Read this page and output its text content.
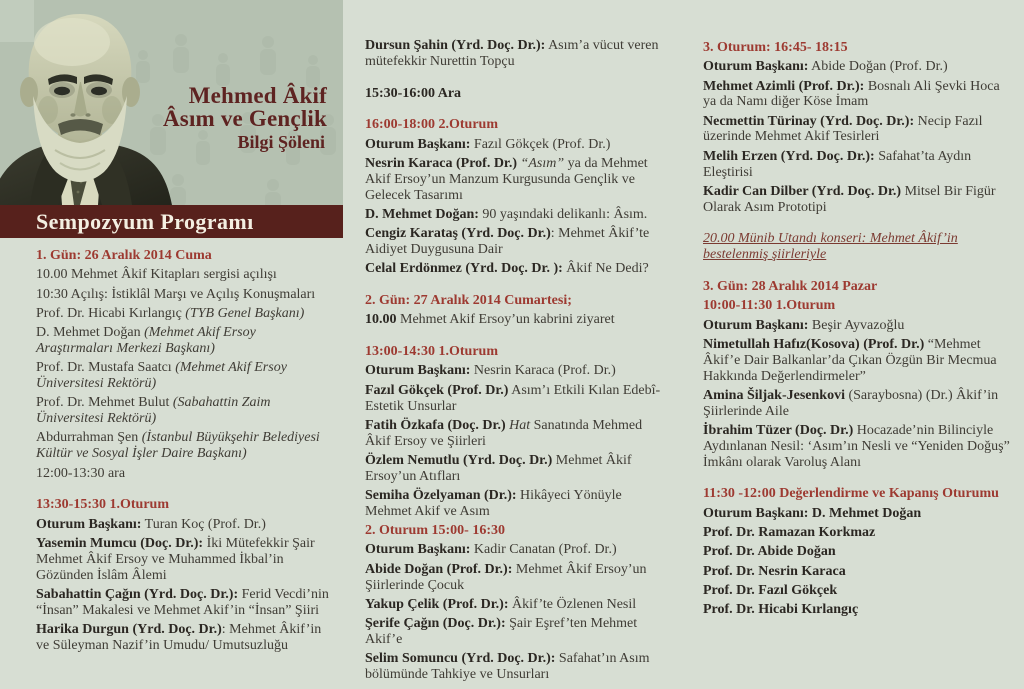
Mehmed Âkif
Âsım ve Gençlik
Bilgi Şöleni
Sempozyum Programı

1. Gün: 26 Aralık 2014 Cuma

10.00 Mehmet Âkif Kitapları sergisi açılışı

10:30 Açılış: İstiklâl Marşı ve Açılış Konuşmaları

Prof. Dr. Hicabi Kırlangıç (TYB Genel Başkanı)

D. Mehmet Doğan (Mehmet Akif Ersoy Araştırmaları Merkezi Başkanı)

Prof. Dr. Mustafa Saatcı (Mehmet Akif Ersoy Üniversitesi Rektörü)

Prof. Dr. Mehmet Bulut (Sabahattin Zaim Üniversitesi Rektörü)

Abdurrahman Şen (İstanbul Büyükşehir Belediyesi Kültür ve Sosyal İşler Daire Başkanı)

12:00-13:30 ara

13:30-15:30 1.Oturum

Oturum Başkanı: Turan Koç (Prof. Dr.)

Yasemin Mumcu (Doç. Dr.): İki Mütefekkir Şair Mehmet Âkif Ersoy ve Muhammed İkbal’in Gözünden İslâm Âlemi

Sabahattin Çağın (Yrd. Doç. Dr.): Ferid Vecdi’nin “İnsan” Makalesi ve Mehmet Akif’in “İnsan” Şiiri

Harika Durgun (Yrd. Doç. Dr.): Mehmet Âkif’in ve Süleyman Nazif’in Umudu/ Umutsuzluğu

Dursun Şahin (Yrd. Doç. Dr.): Asım’a vücut veren mütefekkir Nurettin Topçu

15:30-16:00 Ara

16:00-18:00 2.Oturum

Oturum Başkanı: Fazıl Gökçek (Prof. Dr.)

Nesrin Karaca (Prof. Dr.) “Asım” ya da Mehmet Akif Ersoy’un Manzum Kurgusunda Gençlik ve Gelecek Tasarımı

D. Mehmet Doğan: 90 yaşındaki delikanlı: Âsım.

Cengiz Karataş (Yrd. Doç. Dr.): Mehmet Âkif’te Aidiyet Duygusuna Dair

Celal Erdönmez (Yrd. Doç. Dr. ): Âkif Ne Dedi?

2. Gün: 27 Aralık 2014 Cumartesi;

10.00 Mehmet Akif Ersoy’un kabrini ziyaret

13:00-14:30 1.Oturum

Oturum Başkanı: Nesrin Karaca (Prof. Dr.)

Fazıl Gökçek (Prof. Dr.) Asım’ı Etkili Kılan Edebî-Estetik Unsurlar

Fatih Özkafa (Doç. Dr.) Hat Sanatında Mehmed Âkif Ersoy ve Şiirleri

Özlem Nemutlu (Yrd. Doç. Dr.) Mehmet Âkif Ersoy’un Atıfları

Semiha Özelyaman (Dr.): Hikâyeci Yönüyle Mehmet Akif ve Asım

2. Oturum 15:00- 16:30

Oturum Başkanı: Kadir Canatan (Prof. Dr.)

Abide Doğan (Prof. Dr.): Mehmet Âkif Ersoy’un Şiirlerinde Çocuk

Yakup Çelik (Prof. Dr.): Âkif’te Özlenen Nesil

Şerife Çağın (Doç. Dr.): Şair Eşref’ten Mehmet Akif’e

Selim Somuncu (Yrd. Doç. Dr.): Safahat’ın Asım bölümünde Tahkiye ve Unsurları

3. Oturum: 16:45- 18:15

Oturum Başkanı: Abide Doğan (Prof. Dr.)

Mehmet Azimli (Prof. Dr.): Bosnalı Ali Şevki Hoca ya da Namı diğer Köse İmam

Necmettin Türinay (Yrd. Doç. Dr.): Necip Fazıl üzerinde Mehmet Akif Tesirleri

Melih Erzen (Yrd. Doç. Dr.): Safahat’ta Aydın Eleştirisi

Kadir Can Dilber (Yrd. Doç. Dr.) Mitsel Bir Figür Olarak Asım Prototipi

20.00 Münib Utandı konseri: Mehmet Âkif’in bestelenmiş şiirleriyle

3. Gün: 28 Aralık 2014 Pazar

10:00-11:30 1.Oturum

Oturum Başkanı: Beşir Ayvazoğlu

Nimetullah Hafız(Kosova) (Prof. Dr.) “Mehmet Âkif’e Dair Balkanlar’da Çıkan Özgün Bir Mecmua Hakkında Değerlendirmeler”

Amina Šiljak-Jesenkovi (Saraybosna) (Dr.) Âkif’in Şiirlerinde Aile

İbrahim Tüzer (Doç. Dr.) Hocazade’nin Bilinciyle Aydınlanan Nesil: ‘Asım’ın Nesli ve “Yeniden Doğuş” İmkânı olarak Varoluş Alanı

11:30 -12:00 Değerlendirme ve Kapanış Oturumu

Oturum Başkanı: D. Mehmet Doğan

Prof. Dr. Ramazan Korkmaz

Prof. Dr. Abide Doğan

Prof. Dr. Nesrin Karaca

Prof. Dr. Fazıl Gökçek

Prof. Dr. Hicabi Kırlangıç
